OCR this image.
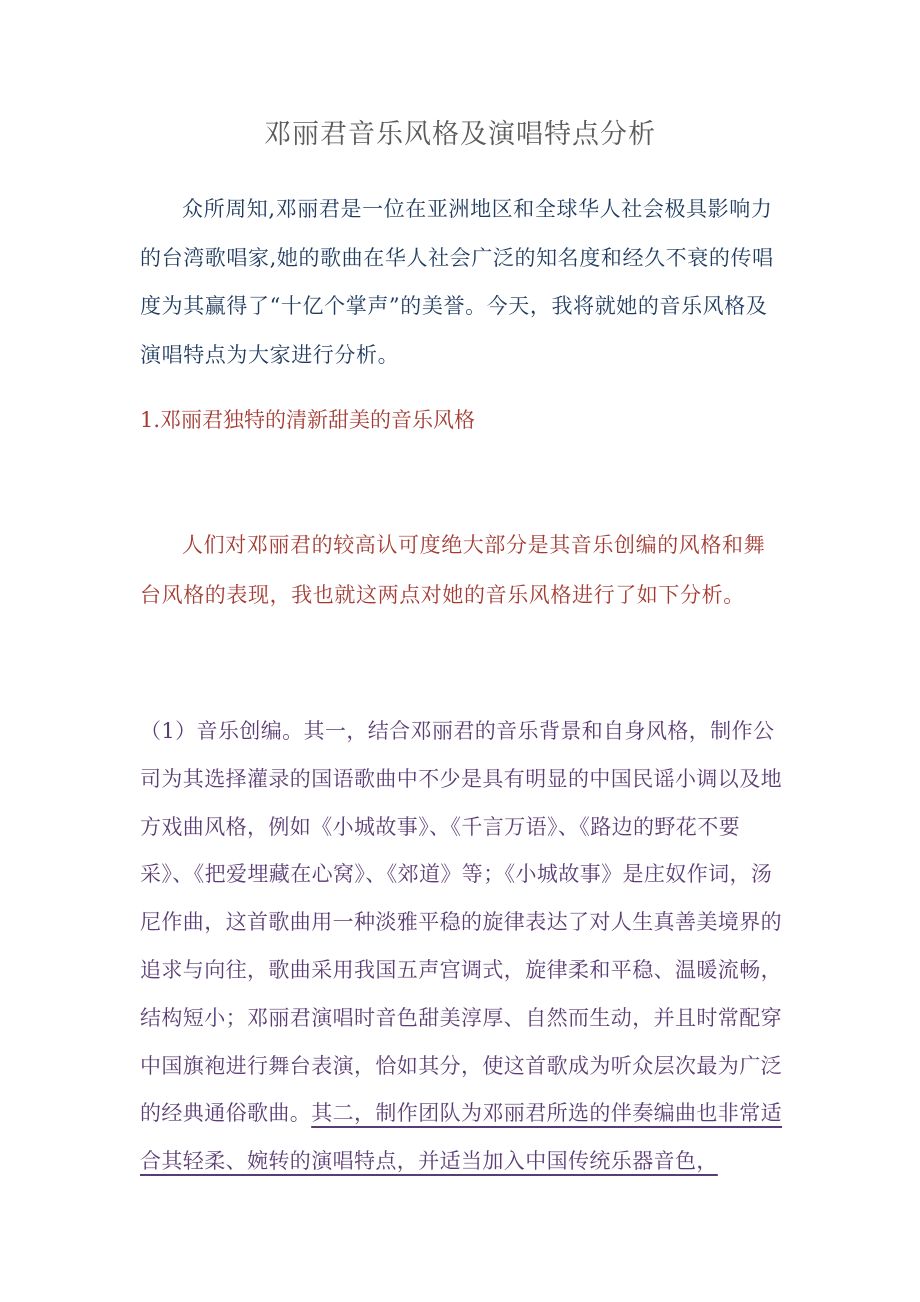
邓丽君音乐风格及演唱特点分析

众所周知,邓丽君是一位在亚洲地区和全球华人社会极具影响力的台湾歌唱家,她的歌曲在华人社会广泛的知名度和经久不衰的传唱度为其赢得了“十亿个掌声”的美誉。今天，我将就她的音乐风格及演唱特点为大家进行分析。

1.邓丽君独特的清新甜美的音乐风格

人们对邓丽君的较高认可度绝大部分是其音乐创编的风格和舞台风格的表现，我也就这两点对她的音乐风格进行了如下分析。

（1）音乐创编。其一，结合邓丽君的音乐背景和自身风格，制作公司为其选择灌录的国语歌曲中不少是具有明显的中国民谣小调以及地方戏曲风格，例如《小城故事》、《千言万语》、《路边的野花不要采》、《把爱埋藏在心窝》、《郊道》等；《小城故事》是庄奴作词，汤尼作曲，这首歌曲用一种淡雅平稳的旋律表达了对人生真善美境界的追求与向往，歌曲采用我国五声宫调式，旋律柔和平稳、温暖流畅，结构短小；邓丽君演唱时音色甜美淳厚、自然而生动，并且时常配穿中国旗袍进行舞台表演，恰如其分，使这首歌成为听众层次最为广泛的经典通俗歌曲。其二，制作团队为邓丽君所选的伴奏编曲也非常适合其轻柔、婉转的演唱特点，并适当加入中国传统乐器音色，
